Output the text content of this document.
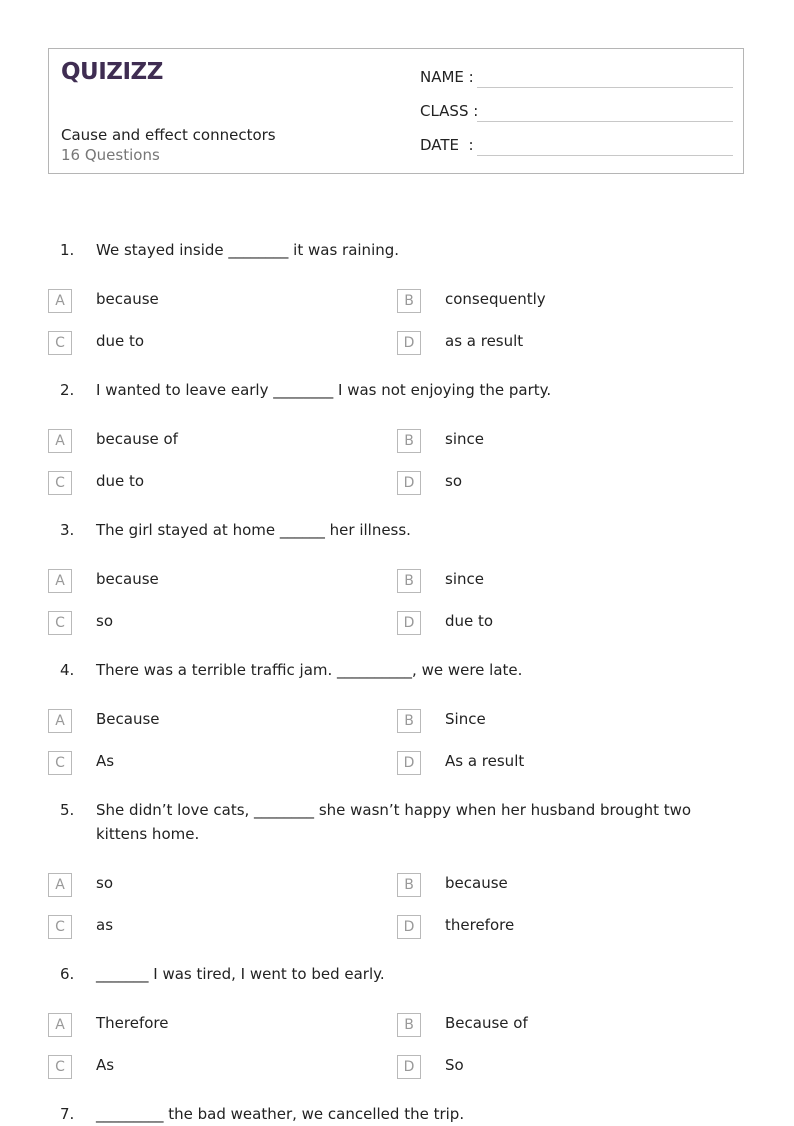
QUIZIZZ
Cause and effect connectors
16 Questions
NAME :
CLASS :
DATE  :
1. We stayed inside ________ it was raining.
A	because	B	consequently
C	due to	D	as a result
2. I wanted to leave early ________ I was not enjoying the party.
A	because of	B	since
C	due to	D	so
3. The girl stayed at home ______ her illness.
A	because	B	since
C	so	D	due to
4. There was a terrible traffic jam. __________, we were late.
A	Because	B	Since
C	As	D	As a result
5. She didn’t love cats, ________ she wasn’t happy when her husband brought two kittens home.
A	so	B	because
C	as	D	therefore
6. _______ I was tired, I went to bed early.
A	Therefore	B	Because of
C	As	D	So
7. _________ the bad weather, we cancelled the trip.
